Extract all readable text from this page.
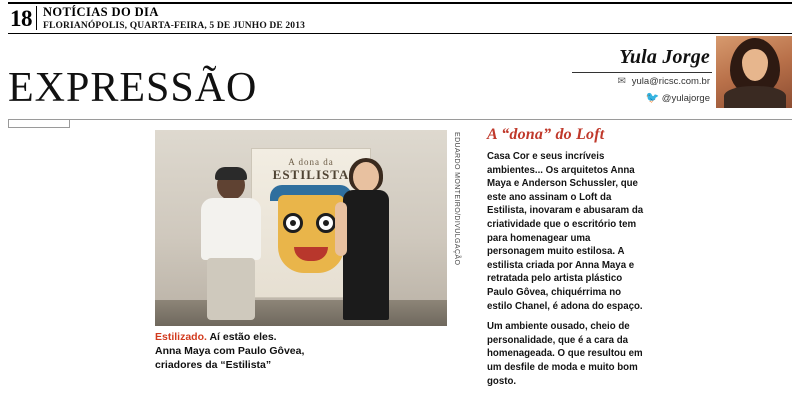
18 NOTÍCIAS DO DIA
FLORIANÓPOLIS, QUARTA-FEIRA, 5 DE JUNHO DE 2013
Yula Jorge
✉ yula@ricsc.com.br
🐦 @yulajorge
EXPRESSÃO
A dona da
ESTILISTA	EDUARDO MONTEIRO/DIVULGAÇÃO
Estilizado. Aí estão eles.
Anna Maya com Paulo Gôvea,
criadores da “Estilista”
A “dona” do Loft

Casa Cor e seus incríveis ambientes... Os arquitetos Anna Maya e Anderson Schussler, que este ano assinam o Loft da Estilista, inovaram e abusaram da criatividade que o escritório tem para homenagear uma personagem muito estilosa. A estilista criada por Anna Maya e retratada pelo artista plástico Paulo Gôvea, chiquérrima no estilo Chanel, é adona do espaço.

Um ambiente ousado, cheio de personalidade, que é a cara da homenageada. O que resultou em um desfile de moda e muito bom gosto.
